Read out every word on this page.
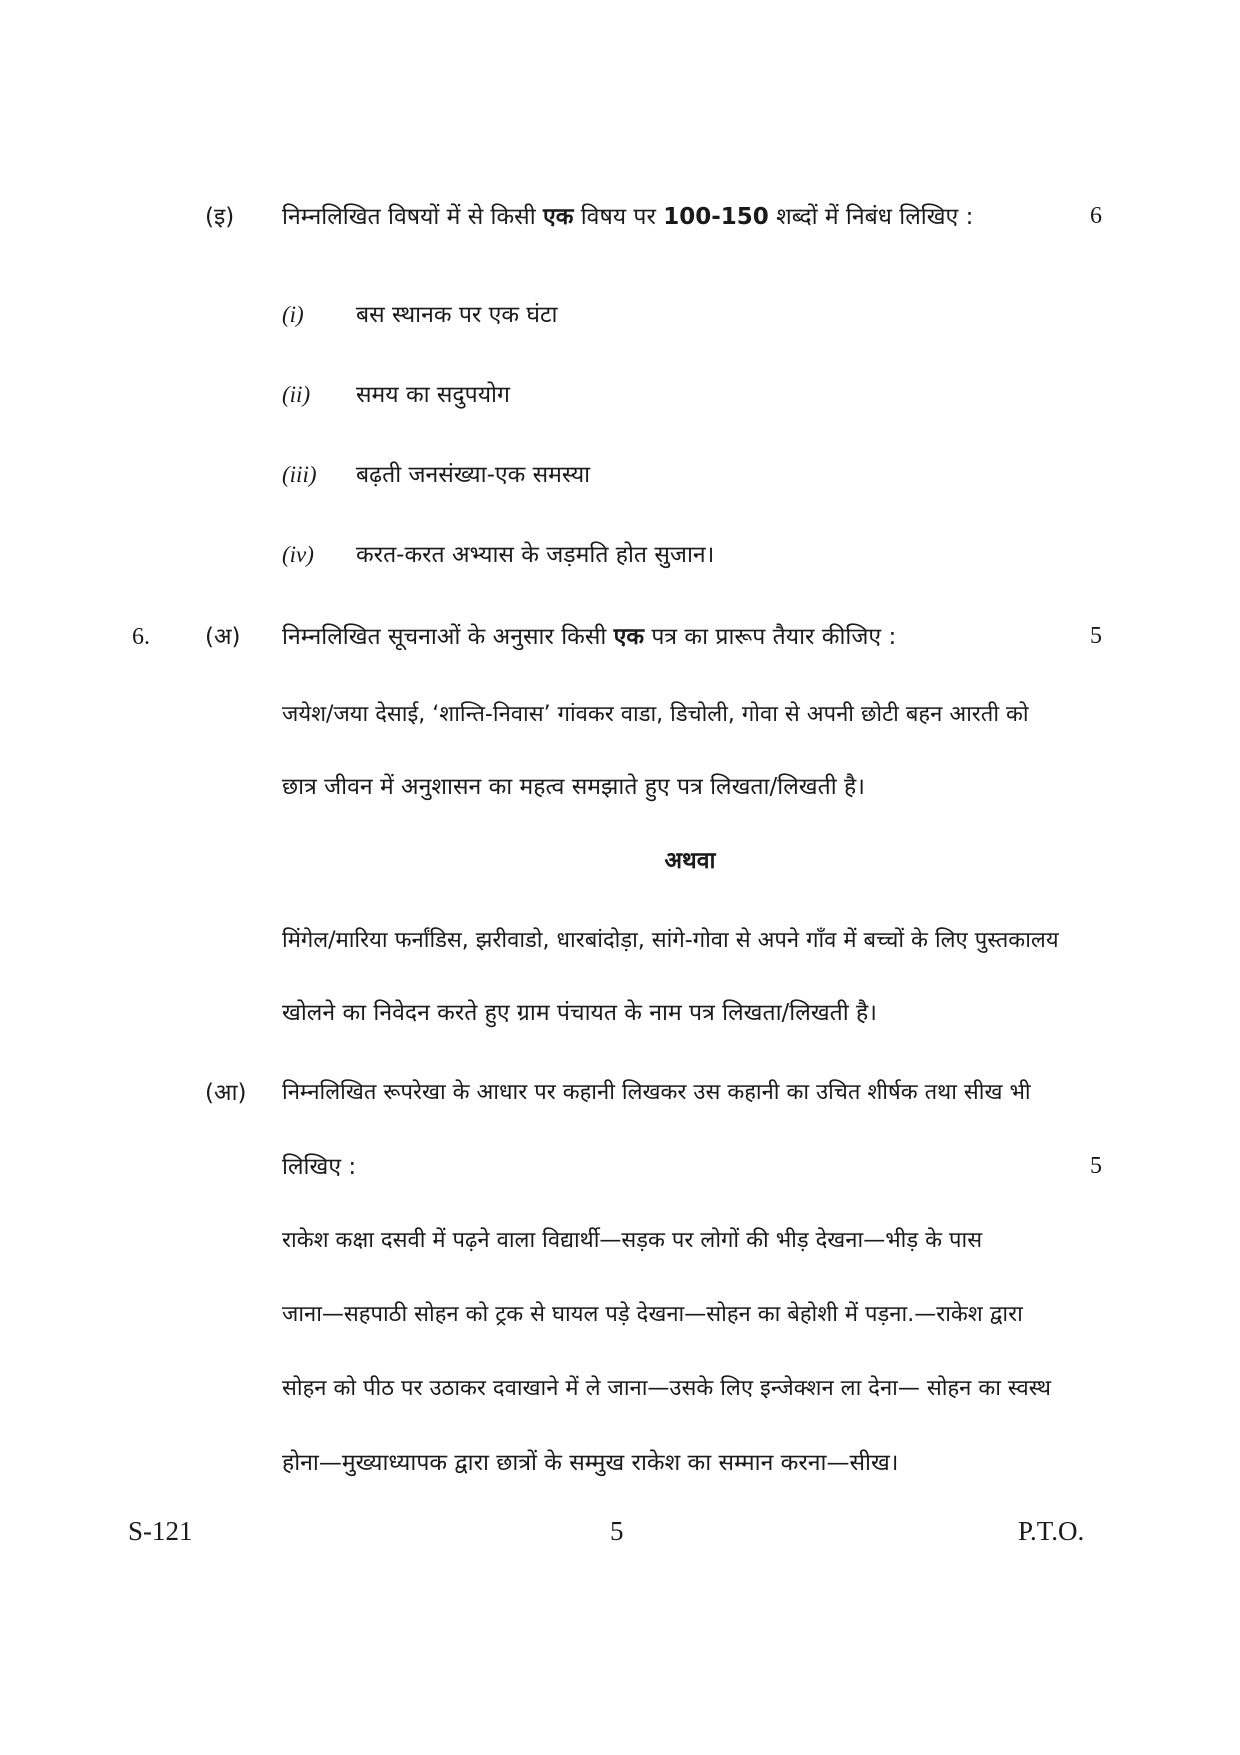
(इ) निम्नलिखित विषयों में से किसी एक विषय पर 100-150 शब्दों में निबंध लिखिए :	6
(i) बस स्थानक पर एक घंटा
(ii) समय का सदुपयोग
(iii) बढ़ती जनसंख्या-एक समस्या
(iv) करत-करत अभ्यास के जड़मति होत सुजान।
6. (अ) निम्नलिखित सूचनाओं के अनुसार किसी एक पत्र का प्रारूप तैयार कीजिए :	5
जयेश/जया देसाई, ‘शान्ति-निवास’ गांवकर वाडा, डिचोली, गोवा से अपनी छोटी बहन आरती को
छात्र जीवन में अनुशासन का महत्व समझाते हुए पत्र लिखता/लिखती है।
अथवा
मिंगेल/मारिया फर्नांडिस, झरीवाडो, धारबांदोड़ा, सांगे-गोवा से अपने गाँव में बच्चों के लिए पुस्तकालय
खोलने का निवेदन करते हुए ग्राम पंचायत के नाम पत्र लिखता/लिखती है।
(आ) निम्नलिखित रूपरेखा के आधार पर कहानी लिखकर उस कहानी का उचित शीर्षक तथा सीख भी
लिखिए :	5
राकेश कक्षा दसवी में पढ़ने वाला विद्यार्थी—सड़क पर लोगों की भीड़ देखना—भीड़ के पास
जाना—सहपाठी सोहन को ट्रक से घायल पड़े देखना—सोहन का बेहोशी में पड़ना.—राकेश द्वारा
सोहन को पीठ पर उठाकर दवाखाने में ले जाना—उसके लिए इन्जेक्शन ला देना— सोहन का स्वस्थ
होना—मुख्याध्यापक द्वारा छात्रों के सम्मुख राकेश का सम्मान करना—सीख।
S-121	5	P.T.O.
